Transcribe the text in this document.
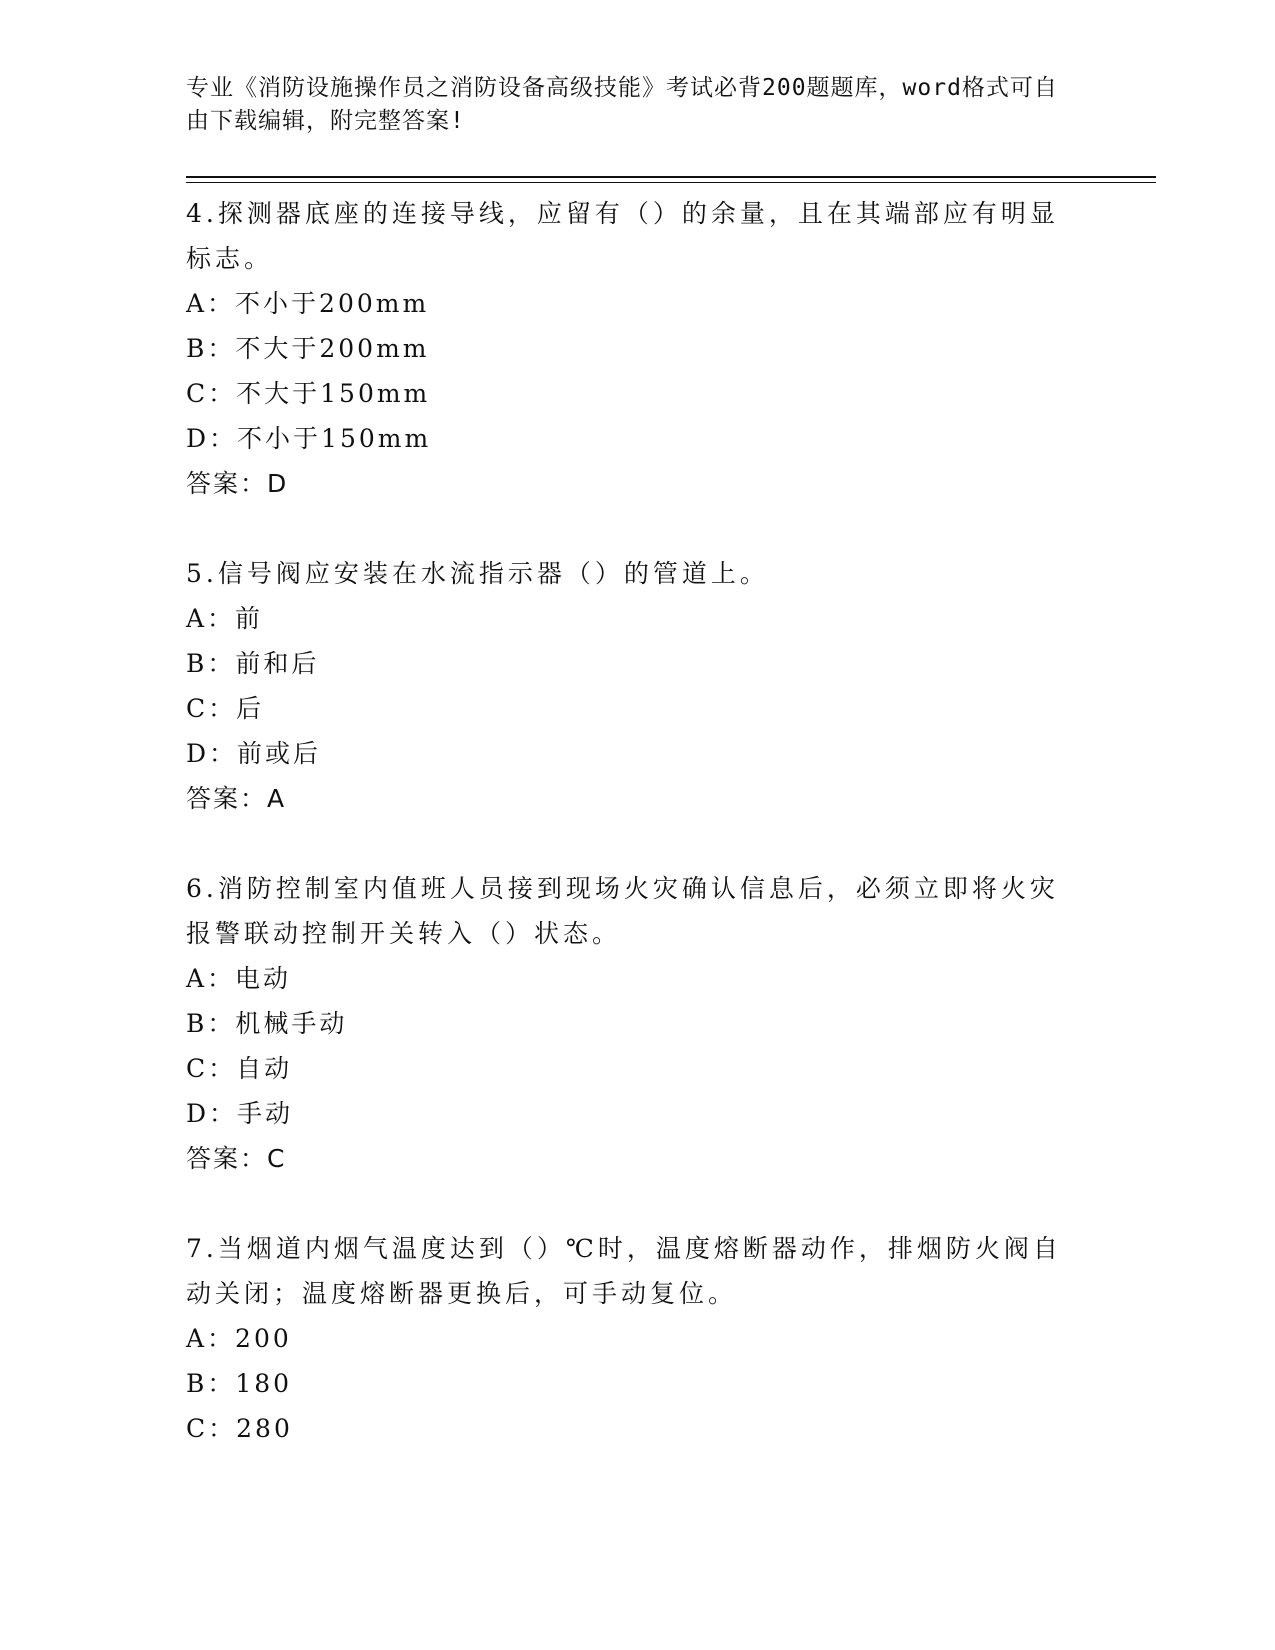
专业《消防设施操作员之消防设备高级技能》考试必背200题题库，word格式可自由下载编辑，附完整答案!
4.探测器底座的连接导线，应留有（）的余量，且在其端部应有明显标志。
A：不小于200mm
B：不大于200mm
C：不大于150mm
D：不小于150mm
答案：D
5.信号阀应安装在水流指示器（）的管道上。
A：前
B：前和后
C：后
D：前或后
答案：A
6.消防控制室内值班人员接到现场火灾确认信息后，必须立即将火灾报警联动控制开关转入（）状态。
A：电动
B：机械手动
C：自动
D：手动
答案：C
7.当烟道内烟气温度达到（）℃时，温度熔断器动作，排烟防火阀自动关闭；温度熔断器更换后，可手动复位。
A：200
B：180
C：280
